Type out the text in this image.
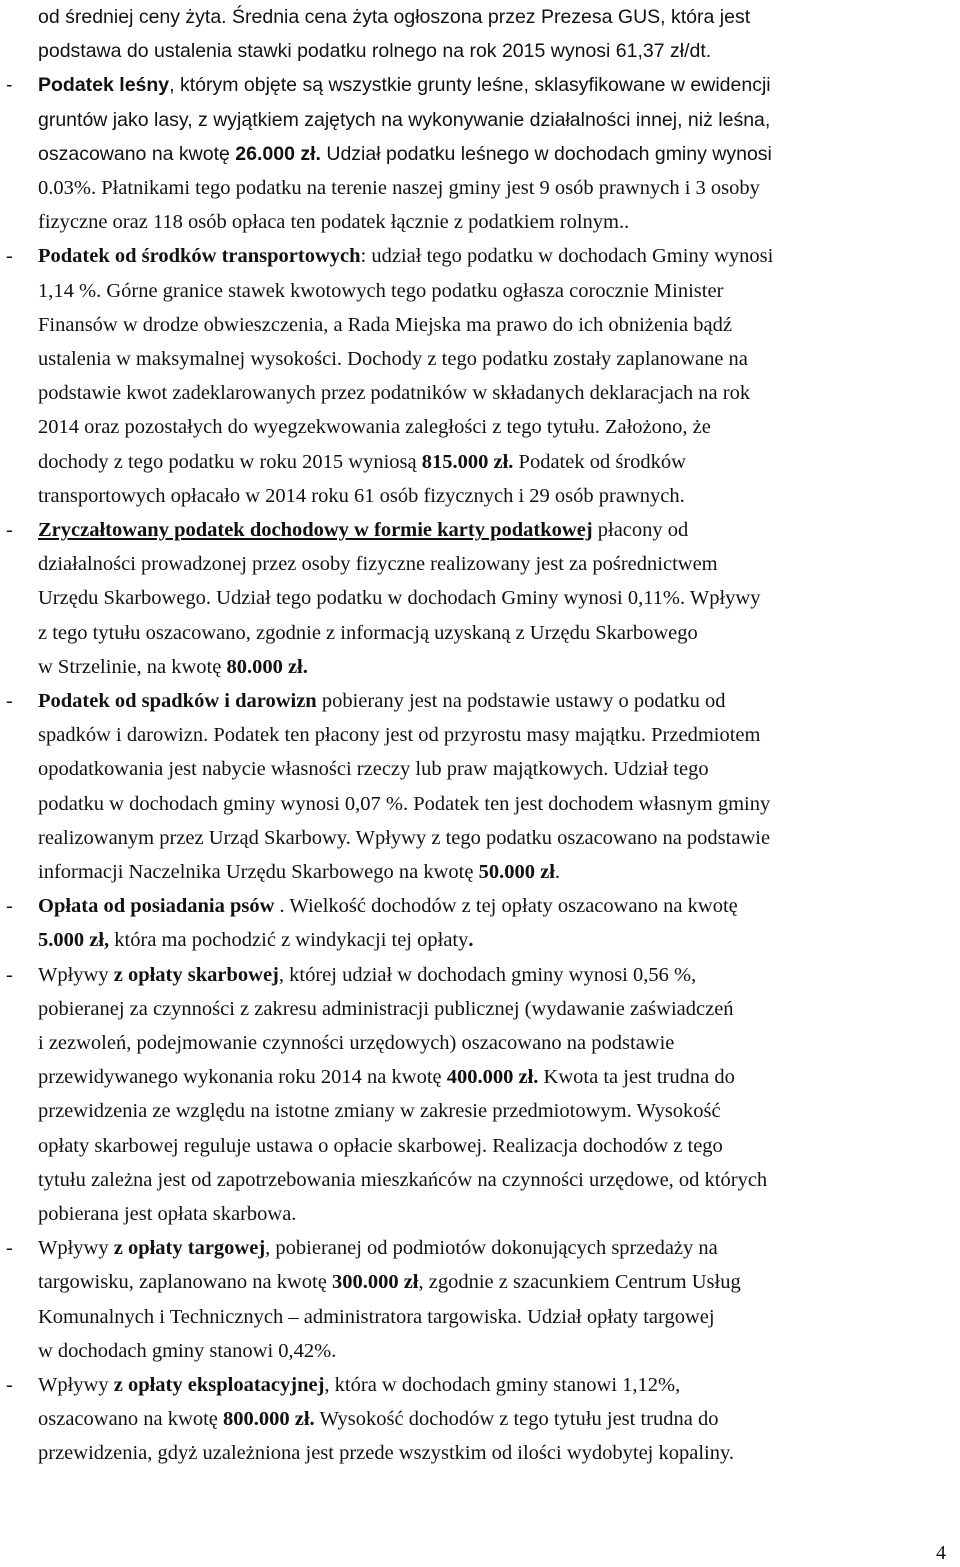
od średniej ceny żyta. Średnia cena żyta ogłoszona przez Prezesa GUS, która jest
podstawa do ustalenia stawki podatku rolnego na rok 2015 wynosi 61,37 zł/dt.
- Podatek leśny, którym objęte są wszystkie grunty leśne, sklasyfikowane w ewidencji
gruntów jako lasy, z wyjątkiem zajętych na wykonywanie działalności innej, niż leśna,
oszacowano na kwotę 26.000 zł. Udział podatku leśnego w dochodach gminy wynosi
0.03%. Płatnikami tego podatku na terenie naszej gminy jest 9 osób prawnych i 3 osoby
fizyczne oraz 118 osób opłaca ten podatek łącznie z podatkiem rolnym..
- Podatek od środków transportowych: udział tego podatku w dochodach Gminy wynosi
1,14 %. Górne granice stawek kwotowych tego podatku ogłasza corocznie Minister
Finansów w drodze obwieszczenia, a Rada Miejska ma prawo do ich obniżenia bądź
ustalenia w maksymalnej wysokości. Dochody z tego podatku zostały zaplanowane na
podstawie kwot zadeklarowanych przez podatników w składanych deklaracjach na rok
2014 oraz pozostałych do wyegzekwowania zaległości z tego tytułu. Założono, że
dochody z tego podatku w roku 2015 wyniosą 815.000 zł. Podatek od środków
transportowych opłacało w 2014 roku 61 osób fizycznych i 29 osób prawnych.
- Zryczałtowany podatek dochodowy w formie karty podatkowej płacony od
działalności prowadzonej przez osoby fizyczne realizowany jest za pośrednictwem
Urzędu Skarbowego. Udział tego podatku w dochodach Gminy wynosi 0,11%. Wpływy
z tego tytułu oszacowano, zgodnie z informacją uzyskaną z Urzędu Skarbowego
w Strzelinie, na kwotę 80.000 zł.
- Podatek od spadków i darowizn pobierany jest na podstawie ustawy o podatku od
spadków i darowizn. Podatek ten płacony jest od przyrostu masy majątku. Przedmiotem
opodatkowania jest nabycie własności rzeczy lub praw majątkowych. Udział tego
podatku w dochodach gminy wynosi 0,07 %. Podatek ten jest dochodem własnym gminy
realizowanym przez Urząd Skarbowy. Wpływy z tego podatku oszacowano na podstawie
informacji Naczelnika Urzędu Skarbowego na kwotę 50.000 zł.
- Opłata od posiadania psów . Wielkość dochodów z tej opłaty oszacowano na kwotę
5.000 zł, która ma pochodzić z windykacji tej opłaty.
- Wpływy z opłaty skarbowej, której udział w dochodach gminy wynosi 0,56 %,
pobieranej za czynności z zakresu administracji publicznej (wydawanie zaświadczeń
i zezwoleń, podejmowanie czynności urzędowych) oszacowano na podstawie
przewidywanego wykonania roku 2014 na kwotę 400.000 zł. Kwota ta jest trudna do
przewidzenia ze względu na istotne zmiany w zakresie przedmiotowym. Wysokość
opłaty skarbowej reguluje ustawa o opłacie skarbowej. Realizacja dochodów z tego
tytułu zależna jest od zapotrzebowania mieszkańców na czynności urzędowe, od których
pobierana jest opłata skarbowa.
- Wpływy z opłaty targowej, pobieranej od podmiotów dokonujących sprzedaży na
targowisku, zaplanowano na kwotę 300.000 zł, zgodnie z szacunkiem Centrum Usług
Komunalnych i Technicznych – administratora targowiska. Udział opłaty targowej
w dochodach gminy stanowi 0,42%.
- Wpływy z opłaty eksploatacyjnej, która w dochodach gminy stanowi 1,12%,
oszacowano na kwotę 800.000 zł. Wysokość dochodów z tego tytułu jest trudna do
przewidzenia, gdyż uzależniona jest przede wszystkim od ilości wydobytej kopaliny.
4
